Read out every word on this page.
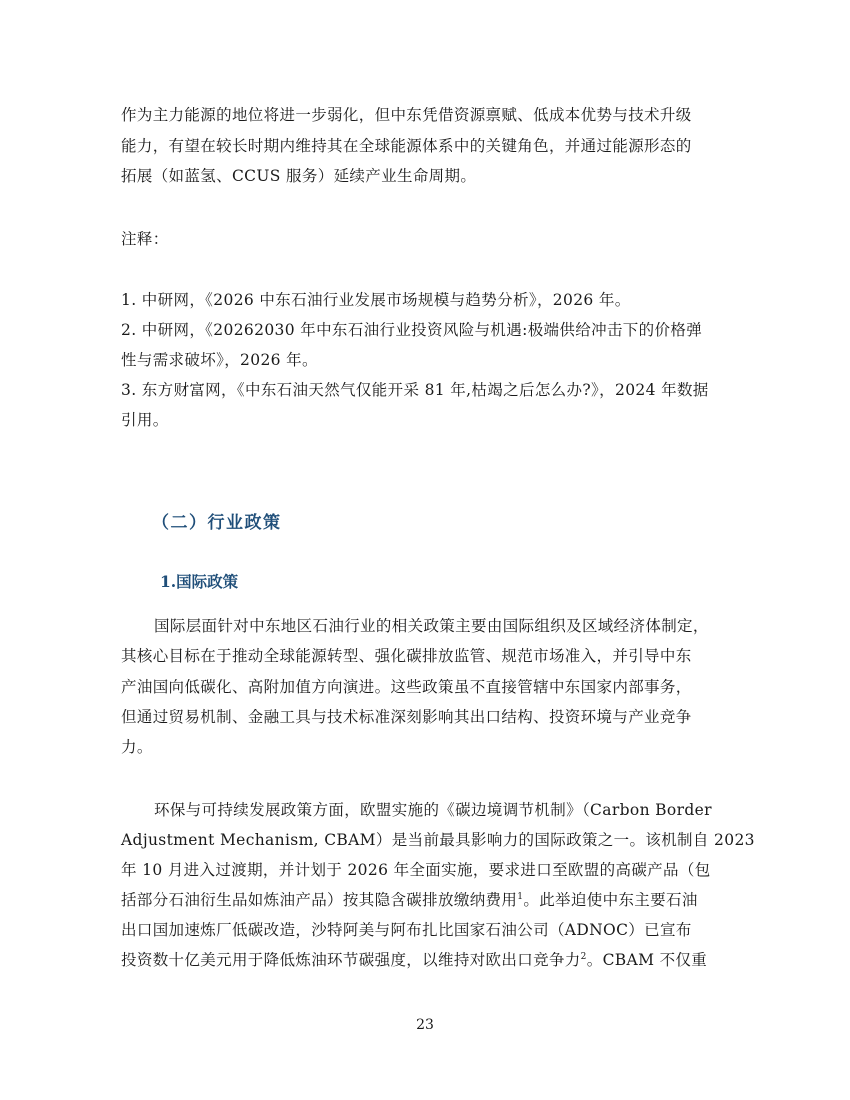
作为主力能源的地位将进一步弱化，但中东凭借资源禀赋、低成本优势与技术升级
能力，有望在较长时期内维持其在全球能源体系中的关键角色，并通过能源形态的
拓展（如蓝氢、CCUS 服务）延续产业生命周期。
注释：
1. 中研网，《2026 中东石油行业发展市场规模与趋势分析》，2026 年。
2. 中研网，《20262030 年中东石油行业投资风险与机遇:极端供给冲击下的价格弹
性与需求破坏》，2026 年。
3. 东方财富网，《中东石油天然气仅能开采 81 年,枯竭之后怎么办?》，2024 年数据
引用。
（二）行业政策
1.国际政策
国际层面针对中东地区石油行业的相关政策主要由国际组织及区域经济体制定，
其核心目标在于推动全球能源转型、强化碳排放监管、规范市场准入，并引导中东
产油国向低碳化、高附加值方向演进。这些政策虽不直接管辖中东国家内部事务，
但通过贸易机制、金融工具与技术标准深刻影响其出口结构、投资环境与产业竞争
力。
环保与可持续发展政策方面，欧盟实施的《碳边境调节机制》（Carbon Border
Adjustment Mechanism, CBAM）是当前最具影响力的国际政策之一。该机制自 2023
年 10 月进入过渡期，并计划于 2026 年全面实施，要求进口至欧盟的高碳产品（包
括部分石油衍生品如炼油产品）按其隐含碳排放缴纳费用$^1$。此举迫使中东主要石油
出口国加速炼厂低碳改造，沙特阿美与阿布扎比国家石油公司（ADNOC）已宣布
投资数十亿美元用于降低炼油环节碳强度，以维持对欧出口竞争力$^2$。CBAM 不仅重
23
